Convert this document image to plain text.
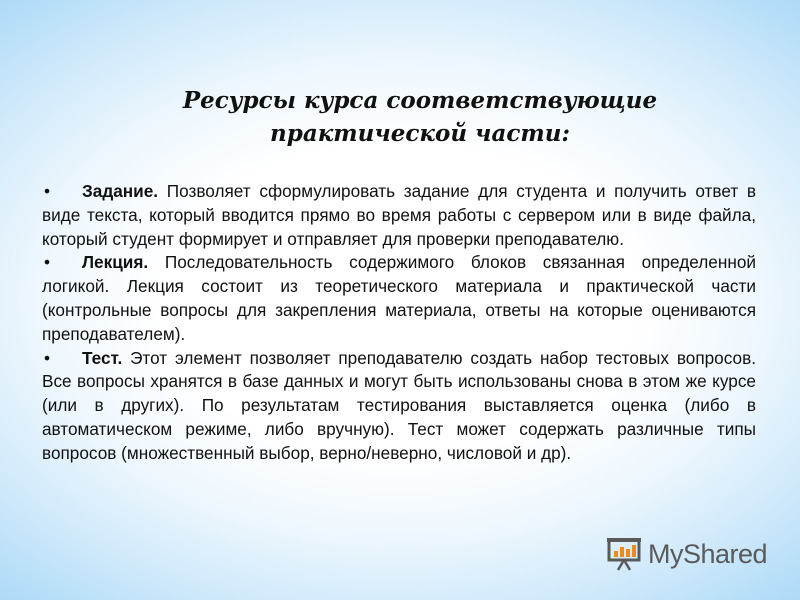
Ресурсы курса соответствующие
практической части:

• Задание. Позволяет сформулировать задание для студента и получить ответ в виде текста, который вводится прямо во время работы с сервером или в виде файла, который студент формирует и отправляет для проверки преподавателю.

• Лекция. Последовательность содержимого блоков связанная определенной логикой. Лекция состоит из теоретического материала и практической части (контрольные вопросы для закрепления материала, ответы на которые оцениваются преподавателем).

• Тест. Этот элемент позволяет преподавателю создать набор тестовых вопросов. Все вопросы хранятся в базе данных и могут быть использованы снова в этом же курсе (или в других). По результатам тестирования выставляется оценка (либо в автоматическом режиме, либо вручную). Тест может содержать различные типы вопросов (множественный выбор, верно/неверно, числовой и др).

MyShared
